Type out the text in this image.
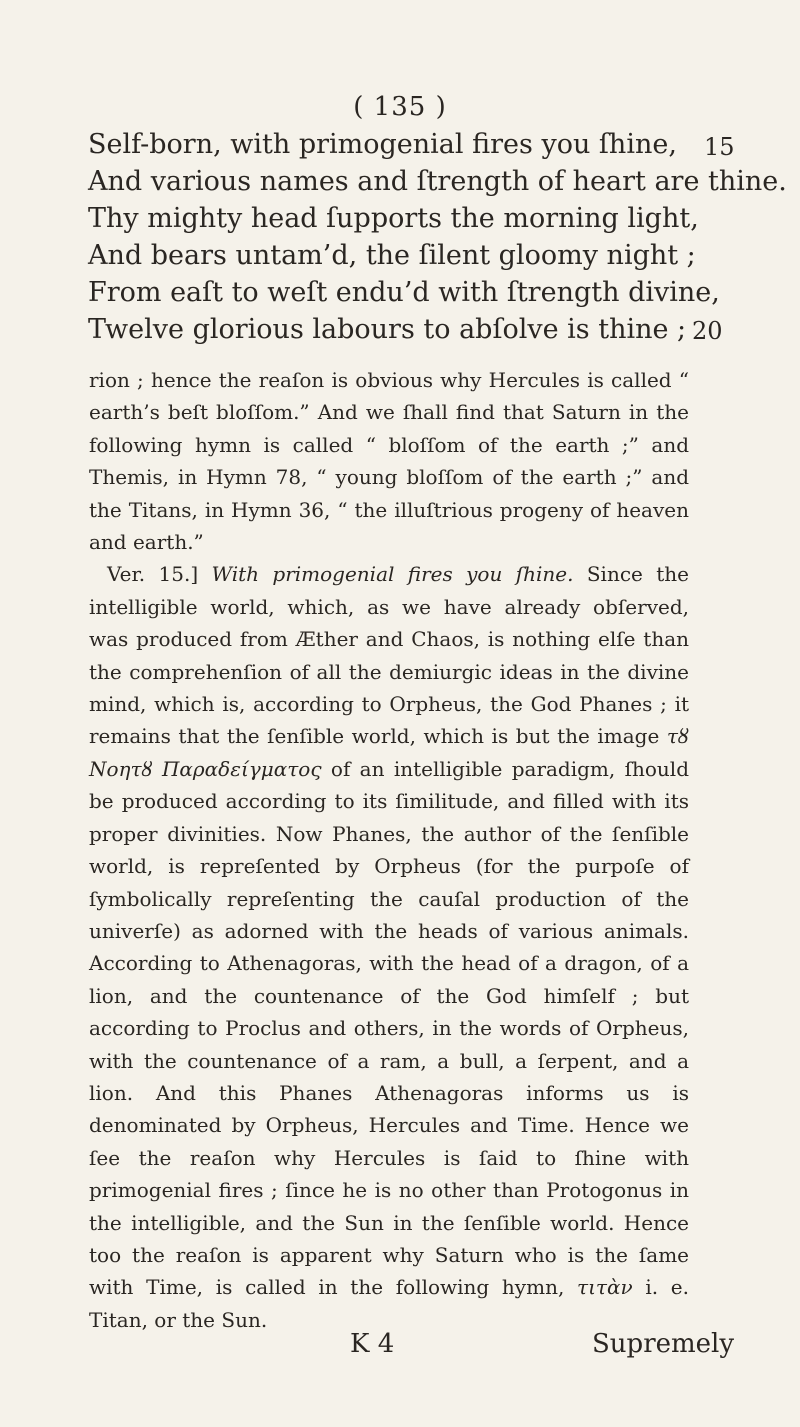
( 135 )
Self-born, with primogenial fires you ſhine,
And various names and ſtrength of heart are thine.
Thy mighty head ſupports the morning light,
And bears untam’d, the ſilent gloomy night ;
From eaſt to weſt endu’d with ſtrength divine,
Twelve glorious labours to abſolve is thine ;
15
20

rion ; hence the reaſon is obvious why Hercules is called “ earth’s beſt bloſſom.” And we ſhall find that Saturn in the following hymn is called “ bloſſom of the earth ;” and Themis, in Hymn 78, “ young bloſſom of the earth ;” and the Titans, in Hymn 36, “ the illuſtrious progeny of heaven and earth.”

Ver. 15.] With primogenial fires you ſhine. Since the intelligible world, which, as we have already obſerved, was produced from Æther and Chaos, is nothing elſe than the comprehenſion of all the demiurgic ideas in the divine mind, which is, according to Orpheus, the God Phanes ; it remains that the ſenſible world, which is but the image τȣ Νοητȣ Παραδείγματος of an intelligible paradigm, ſhould be produced according to its ſimilitude, and filled with its proper divinities. Now Phanes, the author of the ſenſible world, is repreſented by Orpheus (for the purpoſe of ſymbolically repreſenting the cauſal production of the univerſe) as adorned with the heads of various animals. According to Athenagoras, with the head of a dragon, of a lion, and the countenance of the God himſelf ; but according to Proclus and others, in the words of Orpheus, with the countenance of a ram, a bull, a ſerpent, and a lion. And this Phanes Athenagoras informs us is denominated by Orpheus, Hercules and Time. Hence we ſee the reaſon why Hercules is ſaid to ſhine with primogenial fires ; ſince he is no other than Protogonus in the intelligible, and the Sun in the ſenſible world. Hence too the reaſon is apparent why Saturn who is the ſame with Time, is called in the following hymn, τιτὰν i. e. Titan, or the Sun.

K 4	Supremely
